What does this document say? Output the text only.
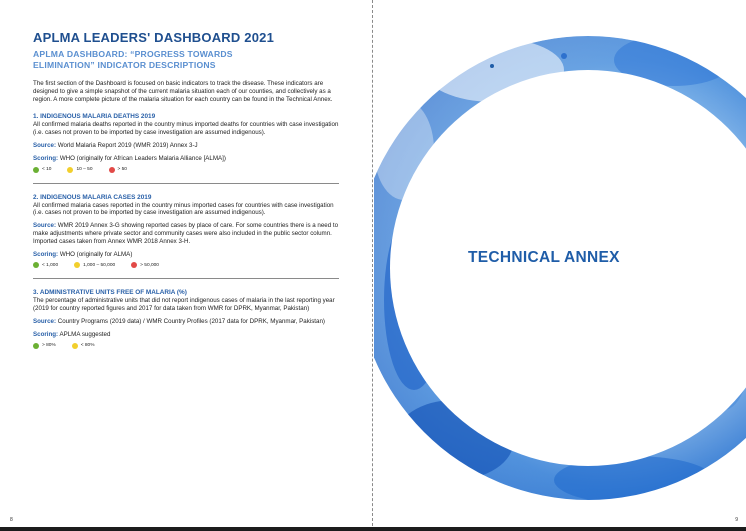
APLMA LEADERS' DASHBOARD 2021
APLMA DASHBOARD: “PROGRESS TOWARDS
ELIMINATION” INDICATOR DESCRIPTIONS
The first section of the Dashboard is focused on basic indicators to track the disease. These indicators are designed to give a simple snapshot of the current malaria situation each of our counties, and collectively as a region. A more complete picture of the malaria situation for each country can be found in the Technical Annex.
1. INDIGENOUS MALARIA DEATHS 2019
All confirmed malaria deaths reported in the country minus imported deaths for countries with case investigation (i.e. cases not proven to be imported by case investigation are assumed indigenous).
Source: World Malaria Report 2019 (WMR 2019) Annex 3-J
Scoring: WHO (originally for African Leaders Malaria Alliance [ALMA])
< 10	10 – 50	> 50
2. INDIGENOUS MALARIA CASES 2019
All confirmed malaria cases reported in the country minus imported cases for countries with case investigation (i.e. cases not proven to be imported by case investigation are assumed indigenous).
Source: WMR 2019 Annex 3-G showing reported cases by place of care. For some countries there is a need to make adjustments where private sector and community cases were also included in the public sector column. Imported cases taken from Annex WMR 2018 Annex 3-H.
Scoring: WHO (originally for ALMA)
< 1,000	1,000 – 50,000	> 50,000
3. ADMINISTRATIVE UNITS FREE OF MALARIA (%)
The percentage of administrative units that did not report indigenous cases of malaria in the last reporting year (2019 for country reported figures and 2017 for data taken from WMR for DPRK, Myanmar, Pakistan)
Source: Country Programs (2019 data) / WMR Country Profiles (2017 data for DPRK, Myanmar, Pakistan)
Scoring: APLMA suggested
> 80%	< 80%
8
TECHNICAL ANNEX
9
